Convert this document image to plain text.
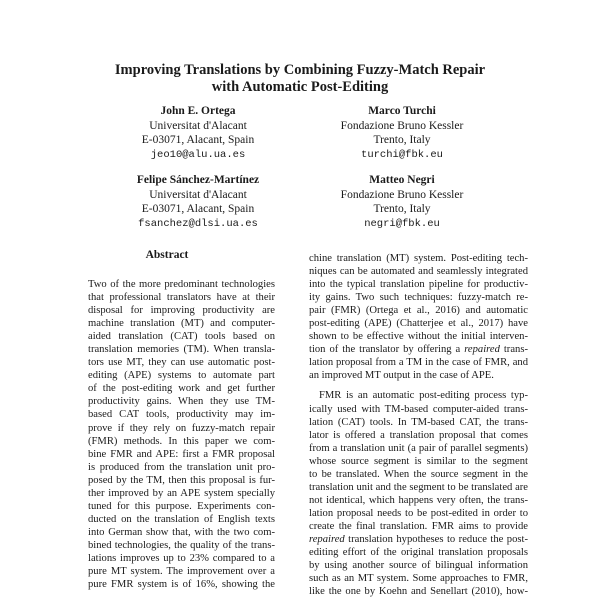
Improving Translations by Combining Fuzzy-Match Repair
with Automatic Post-Editing
John E. Ortega
Universitat d'Alacant
E-03071, Alacant, Spain
jeo10@alu.ua.es
Marco Turchi
Fondazione Bruno Kessler
Trento, Italy
turchi@fbk.eu
Felipe Sánchez-Martínez
Universitat d'Alacant
E-03071, Alacant, Spain
fsanchez@dlsi.ua.es
Matteo Negri
Fondazione Bruno Kessler
Trento, Italy
negri@fbk.eu
Abstract
Two of the more predominant technologies
that professional translators have at their
disposal for improving productivity are
machine translation (MT) and computer-
aided translation (CAT) tools based on
translation memories (TM). When transla-
tors use MT, they can use automatic post-
editing (APE) systems to automate part
of the post-editing work and get further
productivity gains. When they use TM-
based CAT tools, productivity may im-
prove if they rely on fuzzy-match repair
(FMR) methods. In this paper we com-
bine FMR and APE: first a FMR proposal
is produced from the translation unit pro-
posed by the TM, then this proposal is fur-
ther improved by an APE system specially
tuned for this purpose. Experiments con-
ducted on the translation of English texts
into German show that, with the two com-
bined technologies, the quality of the trans-
lations improves up to 23% compared to a
pure MT system. The improvement over a
pure FMR system is of 16%, showing the
chine translation (MT) system. Post-editing tech-
niques can be automated and seamlessly integrated
into the typical translation pipeline for productiv-
ity gains. Two such techniques: fuzzy-match re-
pair (FMR) (Ortega et al., 2016) and automatic
post-editing (APE) (Chatterjee et al., 2017) have
shown to be effective without the initial interven-
tion of the translator by offering a repaired trans-
lation proposal from a TM in the case of FMR, and
an improved MT output in the case of APE.
FMR is an automatic post-editing process typ-
ically used with TM-based computer-aided trans-
lation (CAT) tools. In TM-based CAT, the trans-
lator is offered a translation proposal that comes
from a translation unit (a pair of parallel segments)
whose source segment is similar to the segment
to be translated. When the source segment in the
translation unit and the segment to be translated are
not identical, which happens very often, the trans-
lation proposal needs to be post-edited in order to
create the final translation. FMR aims to provide
repaired translation hypotheses to reduce the post-
editing effort of the original translation proposals
by using another source of bilingual information
such as an MT system. Some approaches to FMR,
like the one by Koehn and Senellart (2010), how-
